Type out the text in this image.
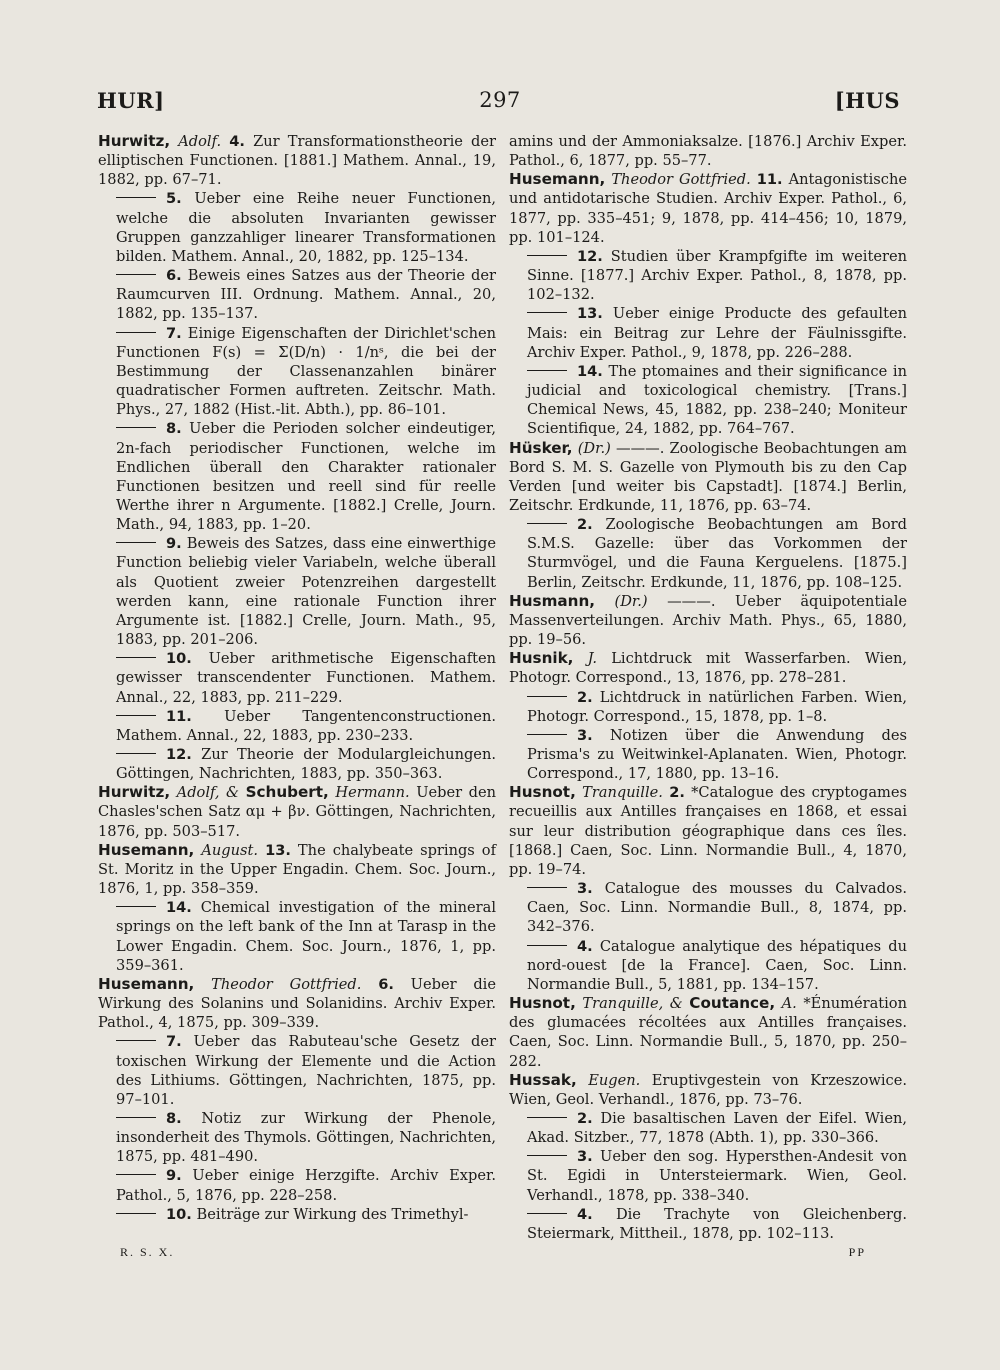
HUR]	297	[HUS

Hurwitz, Adolf. 4. Zur Transformationstheorie der elliptischen Functionen. [1881.] Mathem. Annal., 19, 1882, pp. 67–71.

5. Ueber eine Reihe neuer Functionen, welche die absoluten Invarianten gewisser Gruppen ganzzahliger linearer Transformationen bilden. Mathem. Annal., 20, 1882, pp. 125–134.

6. Beweis eines Satzes aus der Theorie der Raumcurven III. Ordnung. Mathem. Annal., 20, 1882, pp. 135–137.

7. Einige Eigenschaften der Dirichlet'schen Functionen F(s) = Σ(D/n) · 1/nˢ, die bei der Bestimmung der Classenanzahlen binärer quadratischer Formen auftreten. Zeitschr. Math. Phys., 27, 1882 (Hist.-lit. Abth.), pp. 86–101.

8. Ueber die Perioden solcher eindeutiger, 2n-fach periodischer Functionen, welche im Endlichen überall den Charakter rationaler Functionen besitzen und reell sind für reelle Werthe ihrer n Argumente. [1882.] Crelle, Journ. Math., 94, 1883, pp. 1–20.

9. Beweis des Satzes, dass eine einwerthige Function beliebig vieler Variabeln, welche überall als Quotient zweier Potenzreihen dargestellt werden kann, eine rationale Function ihrer Argumente ist. [1882.] Crelle, Journ. Math., 95, 1883, pp. 201–206.

10. Ueber arithmetische Eigenschaften gewisser transcendenter Functionen. Mathem. Annal., 22, 1883, pp. 211–229.

11. Ueber Tangentenconstructionen. Mathem. Annal., 22, 1883, pp. 230–233.

12. Zur Theorie der Modulargleichungen. Göttingen, Nachrichten, 1883, pp. 350–363.

Hurwitz, Adolf, & Schubert, Hermann. Ueber den Chasles'schen Satz αμ + βν. Göttingen, Nachrichten, 1876, pp. 503–517.

Husemann, August. 13. The chalybeate springs of St. Moritz in the Upper Engadin. Chem. Soc. Journ., 1876, 1, pp. 358–359.

14. Chemical investigation of the mineral springs on the left bank of the Inn at Tarasp in the Lower Engadin. Chem. Soc. Journ., 1876, 1, pp. 359–361.

Husemann, Theodor Gottfried. 6. Ueber die Wirkung des Solanins und Solanidins. Archiv Exper. Pathol., 4, 1875, pp. 309–339.

7. Ueber das Rabuteau'sche Gesetz der toxischen Wirkung der Elemente und die Action des Lithiums. Göttingen, Nachrichten, 1875, pp. 97–101.

8. Notiz zur Wirkung der Phenole, insonderheit des Thymols. Göttingen, Nachrichten, 1875, pp. 481–490.

9. Ueber einige Herzgifte. Archiv Exper. Pathol., 5, 1876, pp. 228–258.

10. Beiträge zur Wirkung des Trimethyl-

amins und der Ammoniaksalze. [1876.] Archiv Exper. Pathol., 6, 1877, pp. 55–77.

Husemann, Theodor Gottfried. 11. Antagonistische und antidotarische Studien. Archiv Exper. Pathol., 6, 1877, pp. 335–451; 9, 1878, pp. 414–456; 10, 1879, pp. 101–124.

12. Studien über Krampfgifte im weiteren Sinne. [1877.] Archiv Exper. Pathol., 8, 1878, pp. 102–132.

13. Ueber einige Producte des gefaulten Mais: ein Beitrag zur Lehre der Fäulnissgifte. Archiv Exper. Pathol., 9, 1878, pp. 226–288.

14. The ptomaines and their significance in judicial and toxicological chemistry. [Trans.] Chemical News, 45, 1882, pp. 238–240; Moniteur Scientifique, 24, 1882, pp. 764–767.

Hüsker, (Dr.) ———. Zoologische Beobachtungen am Bord S. M. S. Gazelle von Plymouth bis zu den Cap Verden [und weiter bis Capstadt]. [1874.] Berlin, Zeitschr. Erdkunde, 11, 1876, pp. 63–74.

2. Zoologische Beobachtungen am Bord S.M.S. Gazelle: über das Vorkommen der Sturmvögel, und die Fauna Kerguelens. [1875.] Berlin, Zeitschr. Erdkunde, 11, 1876, pp. 108–125.

Husmann, (Dr.) ———. Ueber äquipotentiale Massenverteilungen. Archiv Math. Phys., 65, 1880, pp. 19–56.

Husnik, J. Lichtdruck mit Wasserfarben. Wien, Photogr. Correspond., 13, 1876, pp. 278–281.

2. Lichtdruck in natürlichen Farben. Wien, Photogr. Correspond., 15, 1878, pp. 1–8.

3. Notizen über die Anwendung des Prisma's zu Weitwinkel-Aplanaten. Wien, Photogr. Correspond., 17, 1880, pp. 13–16.

Husnot, Tranquille. 2. *Catalogue des cryptogames recueillis aux Antilles françaises en 1868, et essai sur leur distribution géographique dans ces îles. [1868.] Caen, Soc. Linn. Normandie Bull., 4, 1870, pp. 19–74.

3. Catalogue des mousses du Calvados. Caen, Soc. Linn. Normandie Bull., 8, 1874, pp. 342–376.

4. Catalogue analytique des hépatiques du nord-ouest [de la France]. Caen, Soc. Linn. Normandie Bull., 5, 1881, pp. 134–157.

Husnot, Tranquille, & Coutance, A. *Énumération des glumacées récoltées aux Antilles françaises. Caen, Soc. Linn. Normandie Bull., 5, 1870, pp. 250–282.

Hussak, Eugen. Eruptivgestein von Krzeszowice. Wien, Geol. Verhandl., 1876, pp. 73–76.

2. Die basaltischen Laven der Eifel. Wien, Akad. Sitzber., 77, 1878 (Abth. 1), pp. 330–366.

3. Ueber den sog. Hypersthen-Andesit von St. Egidi in Untersteiermark. Wien, Geol. Verhandl., 1878, pp. 338–340.

4. Die Trachyte von Gleichenberg. Steiermark, Mittheil., 1878, pp. 102–113.

R. S. X.	PP
